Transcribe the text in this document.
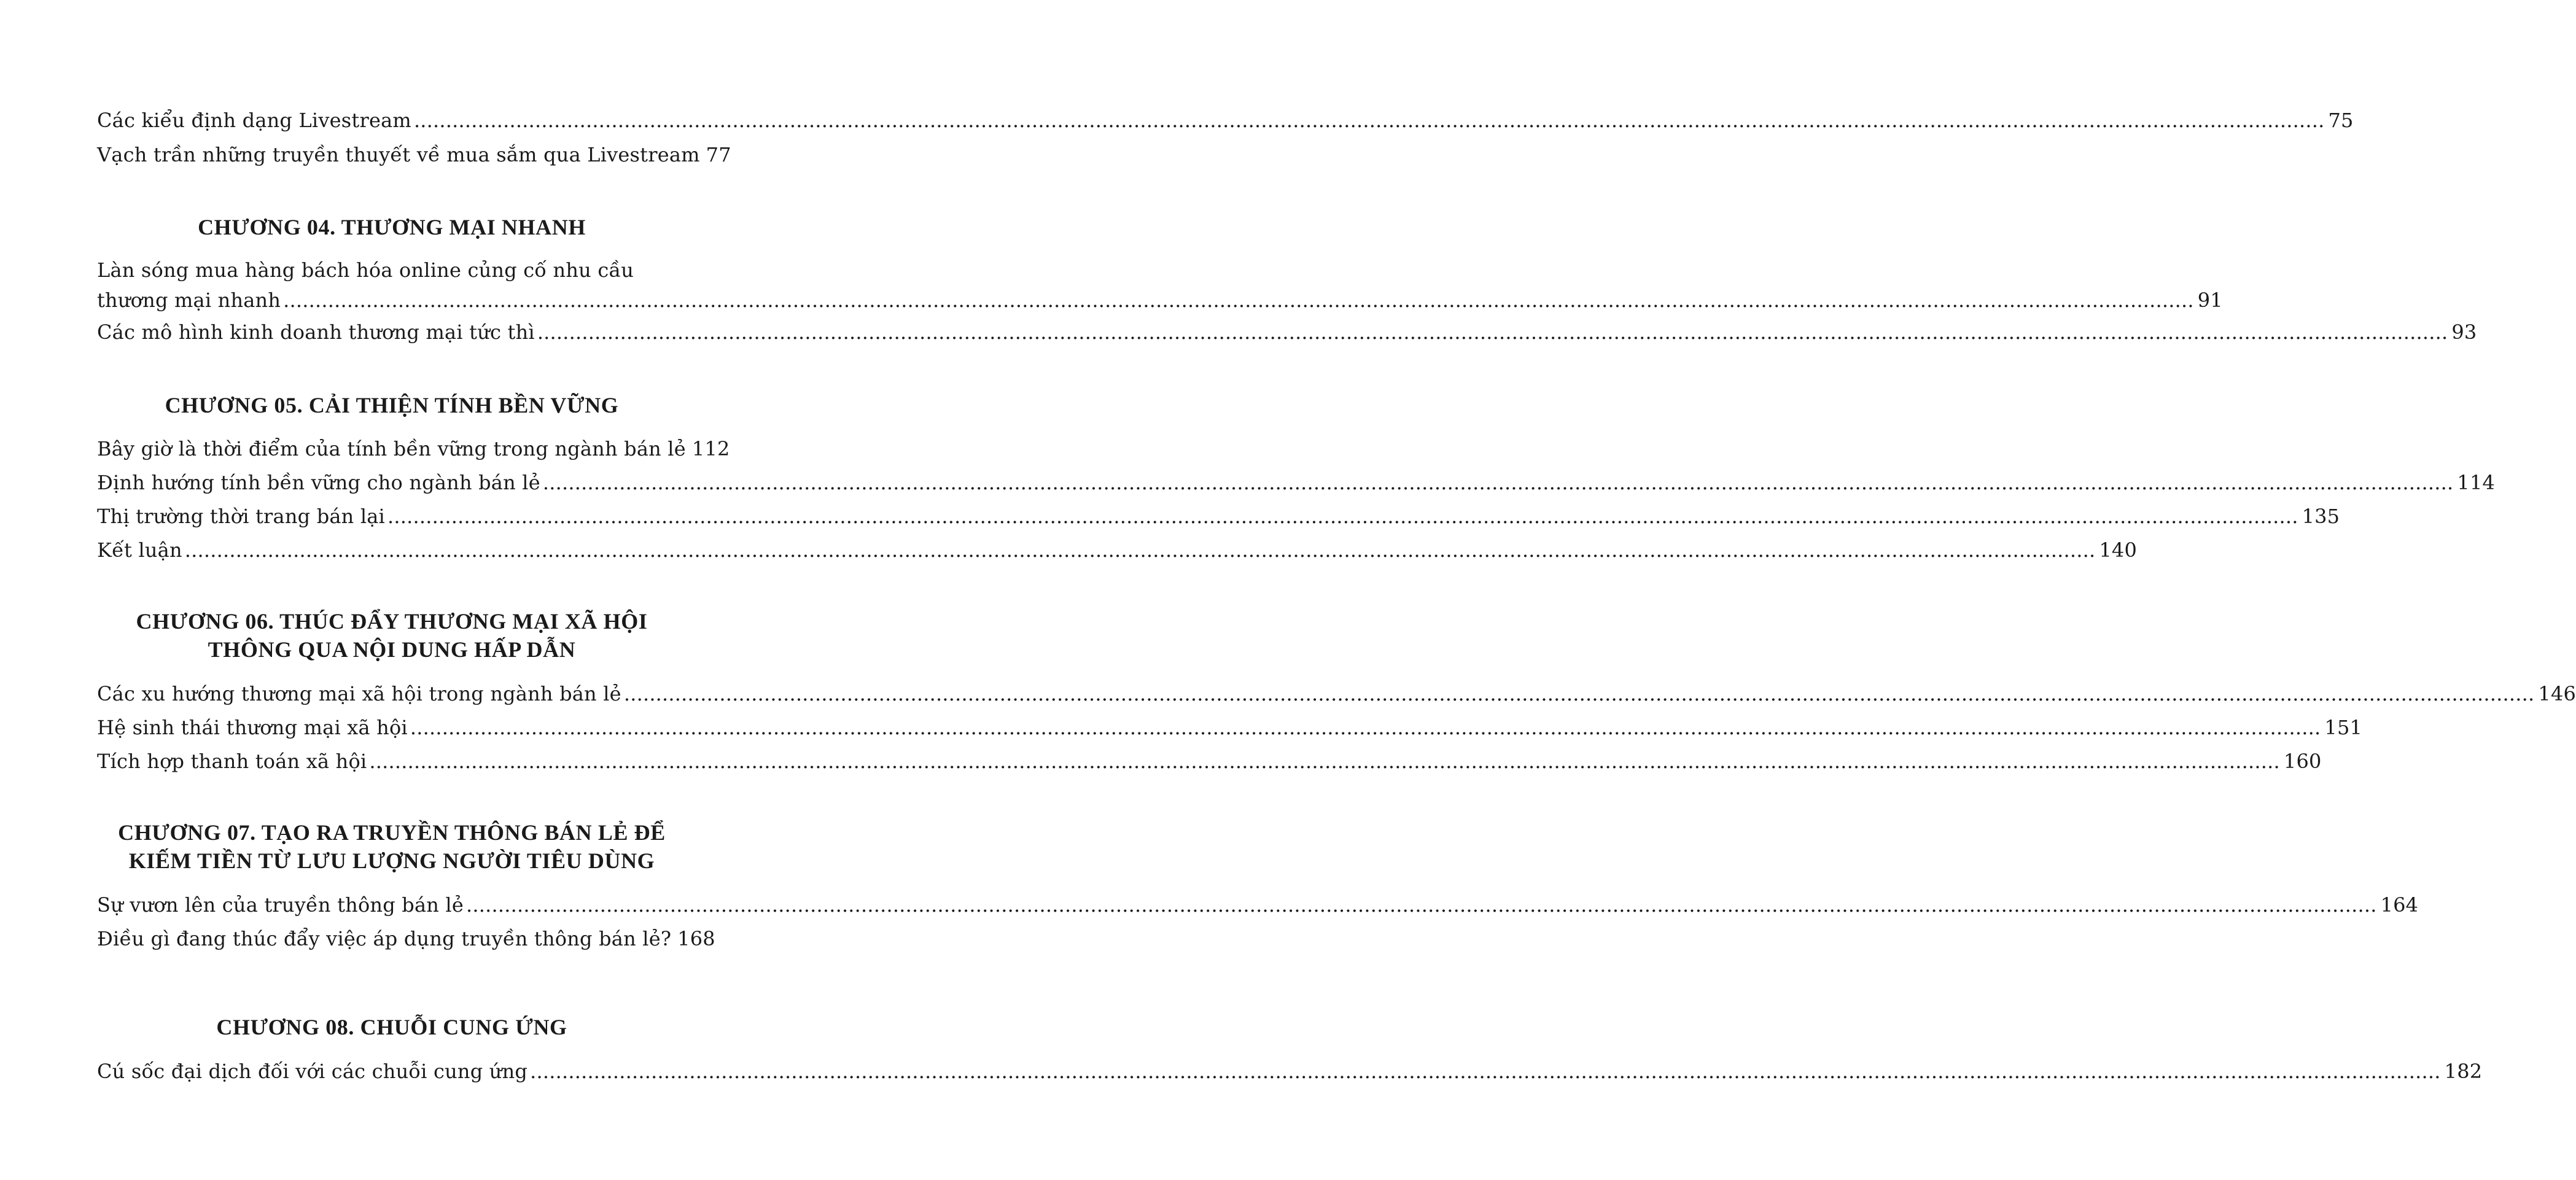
Các kiểu định dạng Livestream ............................................................................................................................................................................................................................................................................................................ 75
Vạch trần những truyền thuyết về mua sắm qua Livestream 77
CHƯƠNG 04. THƯƠNG MẠI NHANH
Làn sóng mua hàng bách hóa online củng cố nhu cầu
thương mại nhanh ............................................................................................................................................................................................................................................................................................................ 91
Các mô hình kinh doanh thương mại tức thì ............................................................................................................................................................................................................................................................................................................ 93
CHƯƠNG 05. CẢI THIỆN TÍNH BỀN VỮNG
Bây giờ là thời điểm của tính bền vững trong ngành bán lẻ 112
Định hướng tính bền vững cho ngành bán lẻ ............................................................................................................................................................................................................................................................................................................ 114
Thị trường thời trang bán lại ............................................................................................................................................................................................................................................................................................................ 135
Kết luận ............................................................................................................................................................................................................................................................................................................ 140
CHƯƠNG 06. THÚC ĐẨY THƯƠNG MẠI XÃ HỘI
THÔNG QUA NỘI DUNG HẤP DẪN
Các xu hướng thương mại xã hội trong ngành bán lẻ ............................................................................................................................................................................................................................................................................................................ 146
Hệ sinh thái thương mại xã hội ............................................................................................................................................................................................................................................................................................................ 151
Tích hợp thanh toán xã hội ............................................................................................................................................................................................................................................................................................................ 160
CHƯƠNG 07. TẠO RA TRUYỀN THÔNG BÁN LẺ ĐỂ
KIẾM TIỀN TỪ LƯU LƯỢNG NGƯỜI TIÊU DÙNG
Sự vươn lên của truyền thông bán lẻ ............................................................................................................................................................................................................................................................................................................ 164
Điều gì đang thúc đẩy việc áp dụng truyền thông bán lẻ? 168
CHƯƠNG 08. CHUỖI CUNG ỨNG
Cú sốc đại dịch đối với các chuỗi cung ứng ............................................................................................................................................................................................................................................................................................................ 182
